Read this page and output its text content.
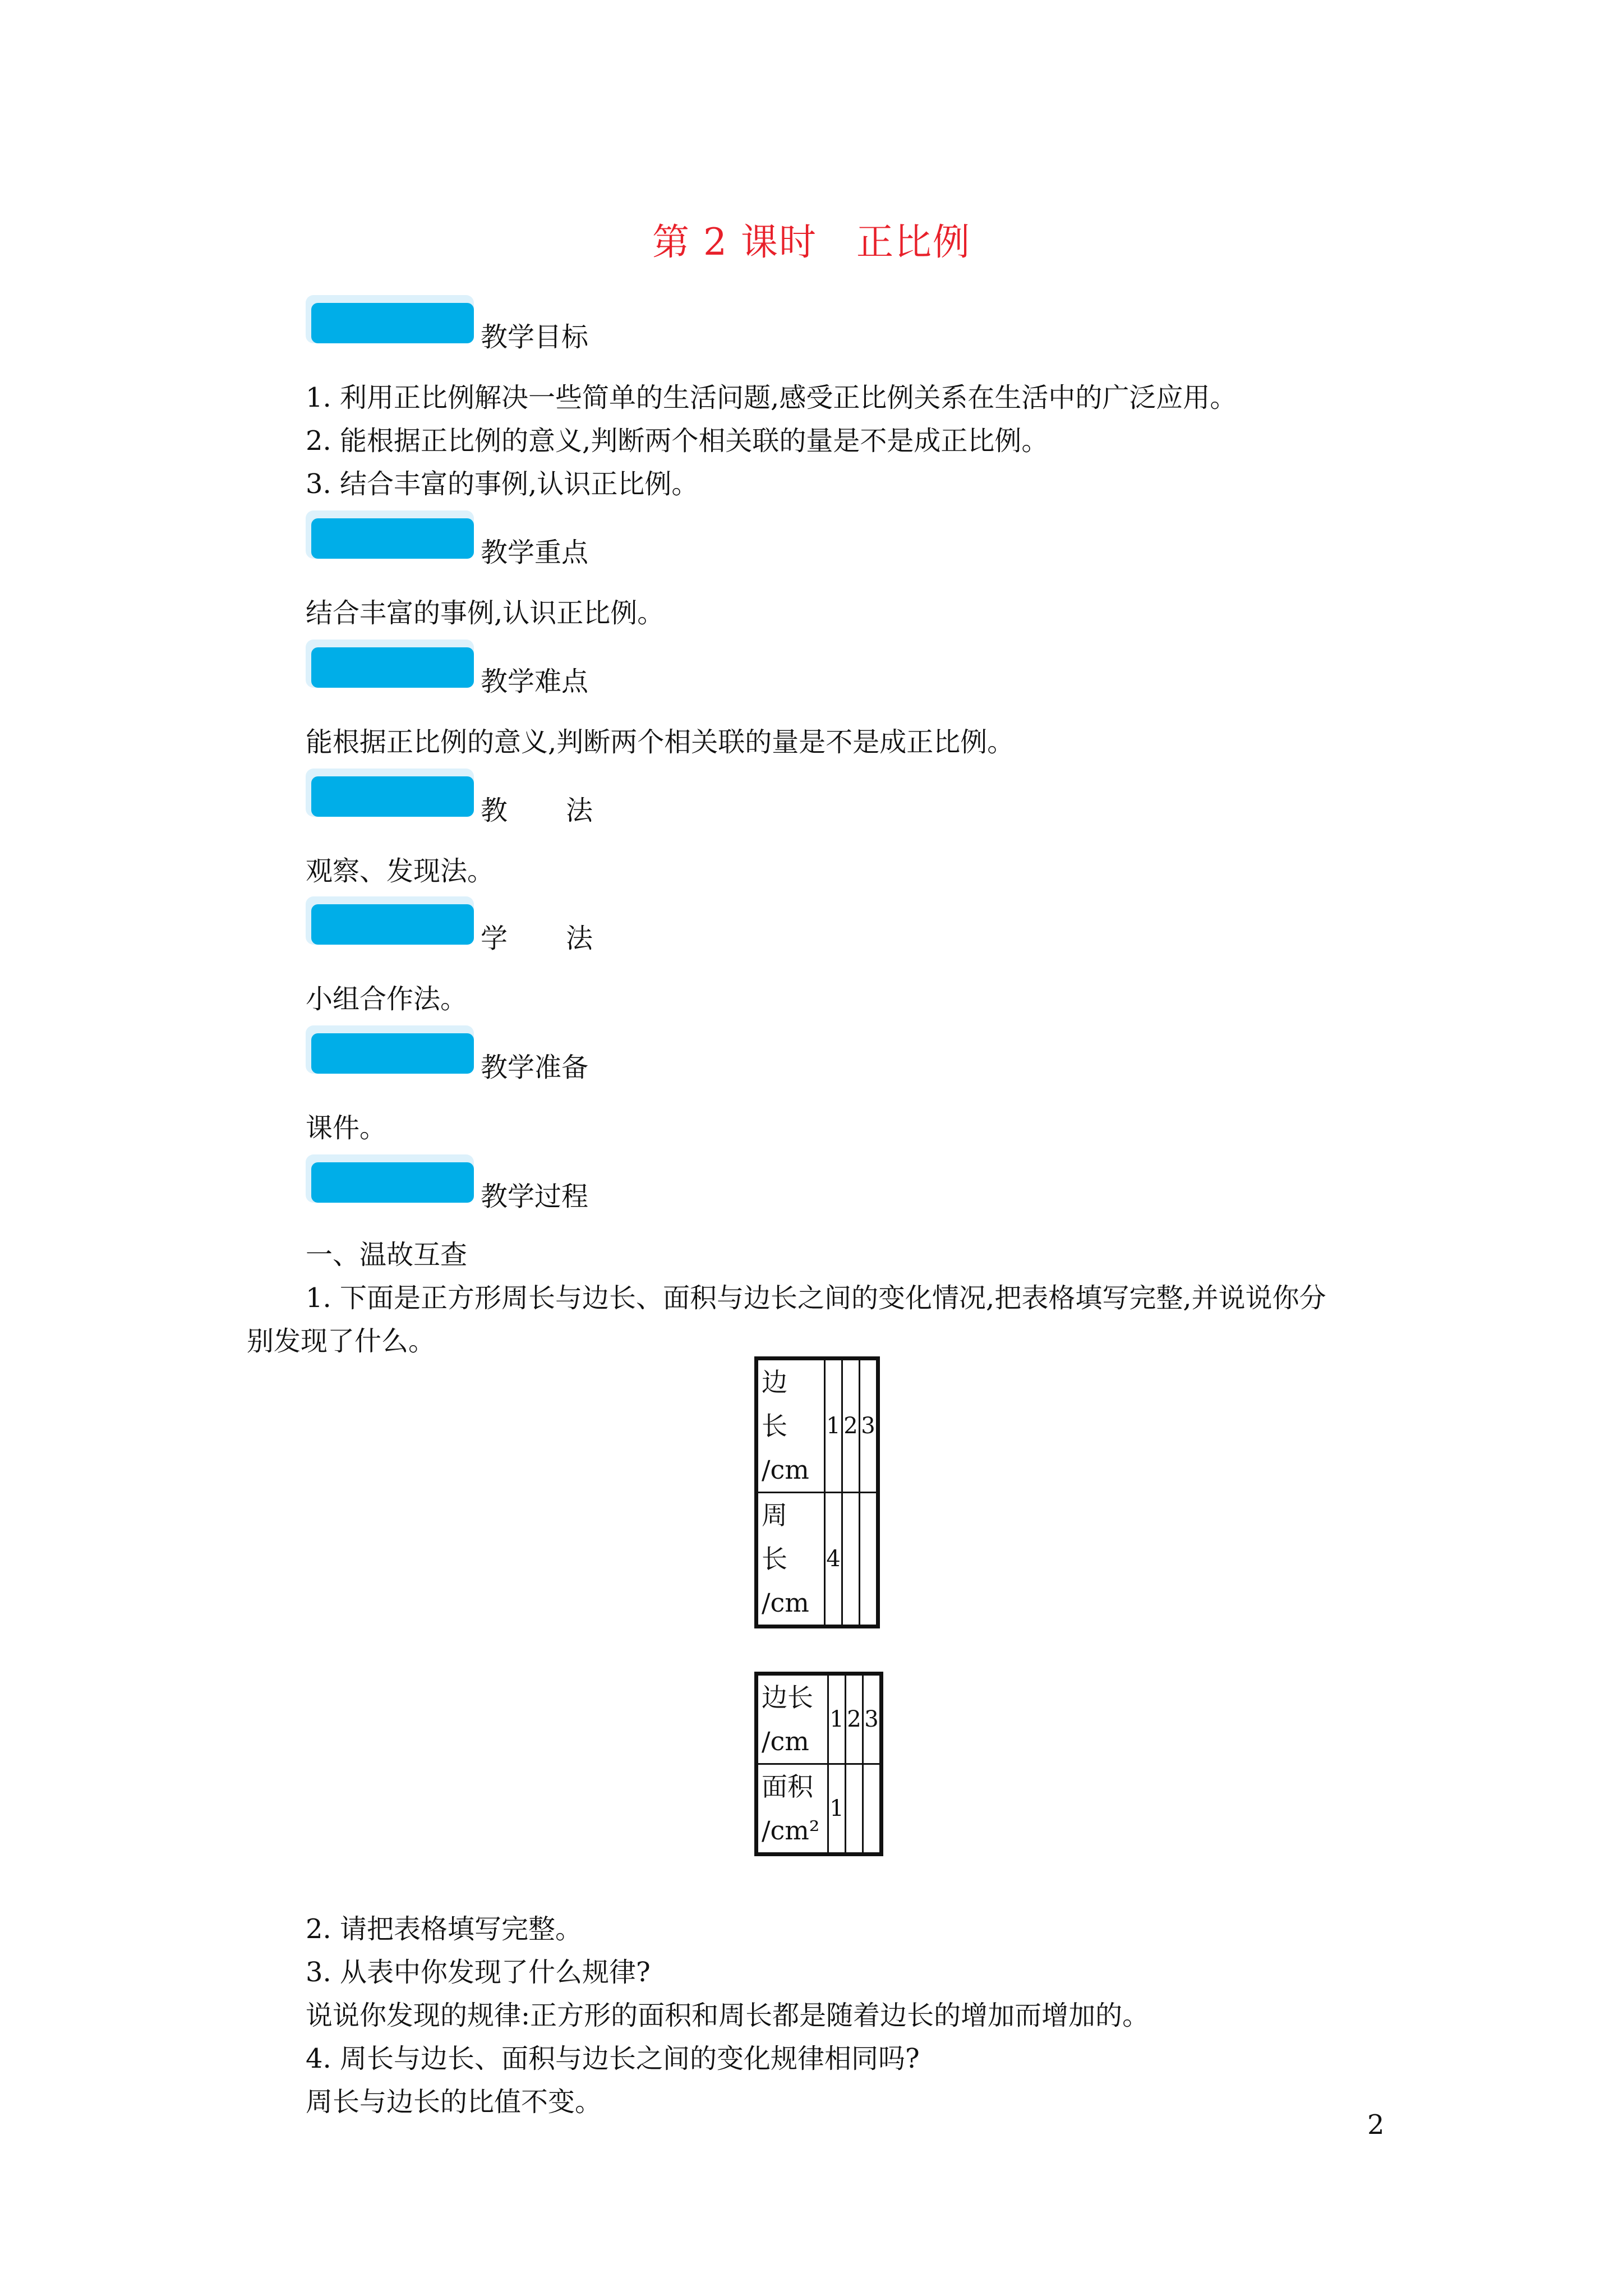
第 2 课时 正比例
教学目标
1. 利用正比例解决一些简单的生活问题,感受正比例关系在生活中的广泛应用。
2. 能根据正比例的意义,判断两个相关联的量是不是成正比例。
3. 结合丰富的事例,认识正比例。
教学重点
结合丰富的事例,认识正比例。
教学难点
能根据正比例的意义,判断两个相关联的量是不是成正比例。
教法
观察、发现法。
学法
小组合作法。
教学准备
课件。
教学过程
一、温故互查
1. 下面是正方形周长与边长、面积与边长之间的变化情况,把表格填写完整,并说说你分
别发现了什么。
边
长
/cm	1	2	3

周
长
/cm	4		
边长
/cm	1	2	3

面积
/cm²	1		
2. 请把表格填写完整。
3. 从表中你发现了什么规律?
说说你发现的规律:正方形的面积和周长都是随着边长的增加而增加的。
4. 周长与边长、面积与边长之间的变化规律相同吗?
周长与边长的比值不变。
2
